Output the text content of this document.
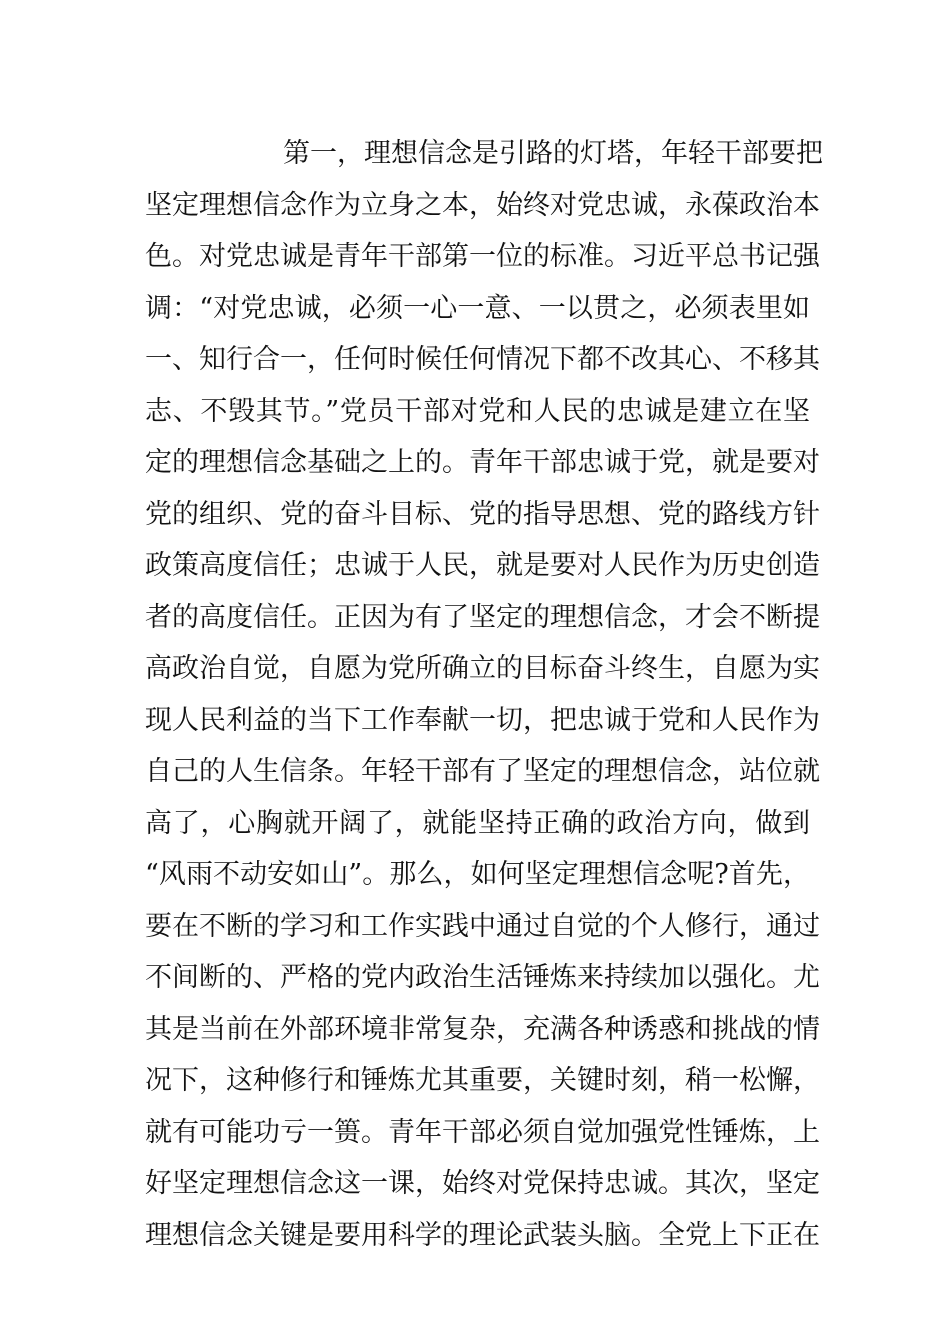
第一，理想信念是引路的灯塔，年轻干部要把
坚定理想信念作为立身之本，始终对党忠诚，永葆政治本
色。对党忠诚是青年干部第一位的标准。习近平总书记强
调：“对党忠诚，必须一心一意、一以贯之，必须表里如
一、知行合一，任何时候任何情况下都不改其心、不移其
志、不毁其节。”党员干部对党和人民的忠诚是建立在坚
定的理想信念基础之上的。青年干部忠诚于党，就是要对
党的组织、党的奋斗目标、党的指导思想、党的路线方针
政策高度信任；忠诚于人民，就是要对人民作为历史创造
者的高度信任。正因为有了坚定的理想信念，才会不断提
高政治自觉，自愿为党所确立的目标奋斗终生，自愿为实
现人民利益的当下工作奉献一切，把忠诚于党和人民作为
自己的人生信条。年轻干部有了坚定的理想信念，站位就
高了，心胸就开阔了，就能坚持正确的政治方向，做到
“风雨不动安如山”。那么，如何坚定理想信念呢?首先，
要在不断的学习和工作实践中通过自觉的个人修行，通过
不间断的、严格的党内政治生活锤炼来持续加以强化。尤
其是当前在外部环境非常复杂，充满各种诱惑和挑战的情
况下，这种修行和锤炼尤其重要，关键时刻，稍一松懈，
就有可能功亏一篑。青年干部必须自觉加强党性锤炼，上
好坚定理想信念这一课，始终对党保持忠诚。其次，坚定
理想信念关键是要用科学的理论武装头脑。全党上下正在
